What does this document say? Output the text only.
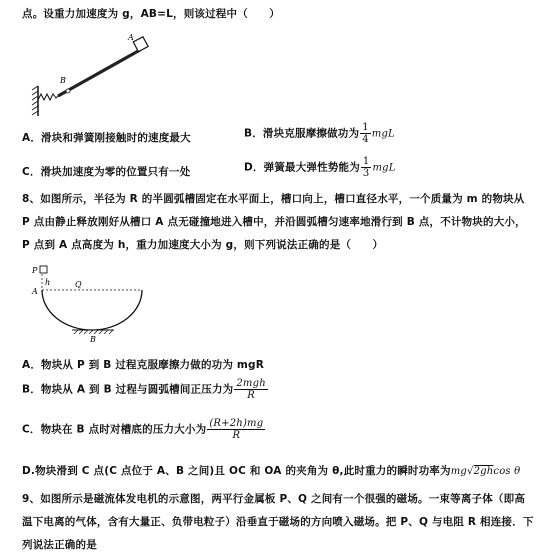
点。设重力加速度为 g，AB=L，则该过程中（　　）
A
B
A．滑块和弹簧刚接触时的速度最大	B．滑块克服摩擦做功为 $\frac{1}{4}$ mgL
C．滑块加速度为零的位置只有一处	D．弹簧最大弹性势能为 $\frac{1}{3}$ mgL
8、如图所示，半径为 R 的半圆弧槽固定在水平面上，槽口向上，槽口直径水平，一个质量为 m 的物块从
P 点由静止释放刚好从槽口 A 点无碰撞地进入槽中，并沿圆弧槽匀速率地滑行到 B 点，不计物块的大小，
P 点到 A 点高度为 h，重力加速度大小为 g，则下列说法正确的是（　　）
P
h
A
Q
B
A．物块从 P 到 B 过程克服摩擦力做的功为 mgR
B．物块从 A 到 B 过程与圆弧槽间正压力为 $\frac{\text{2mgh}}{R}$
C．物块在 B 点时对槽底的压力大小为 $\frac{(R+2h)mg}{R}$
D.物块滑到 C 点(C 点位于 A、B 之间)且 OC 和 OA 的夹角为 θ,此时重力的瞬时功率为mg√2ghcos θ
9、如图所示是磁流体发电机的示意图，两平行金属板 P、Q 之间有一个很强的磁场。一束等离子体（即高
温下电离的气体，含有大量正、负带电粒子）沿垂直于磁场的方向喷入磁场。把 P、Q 与电阻 R 相连接．下
列说法正确的是
